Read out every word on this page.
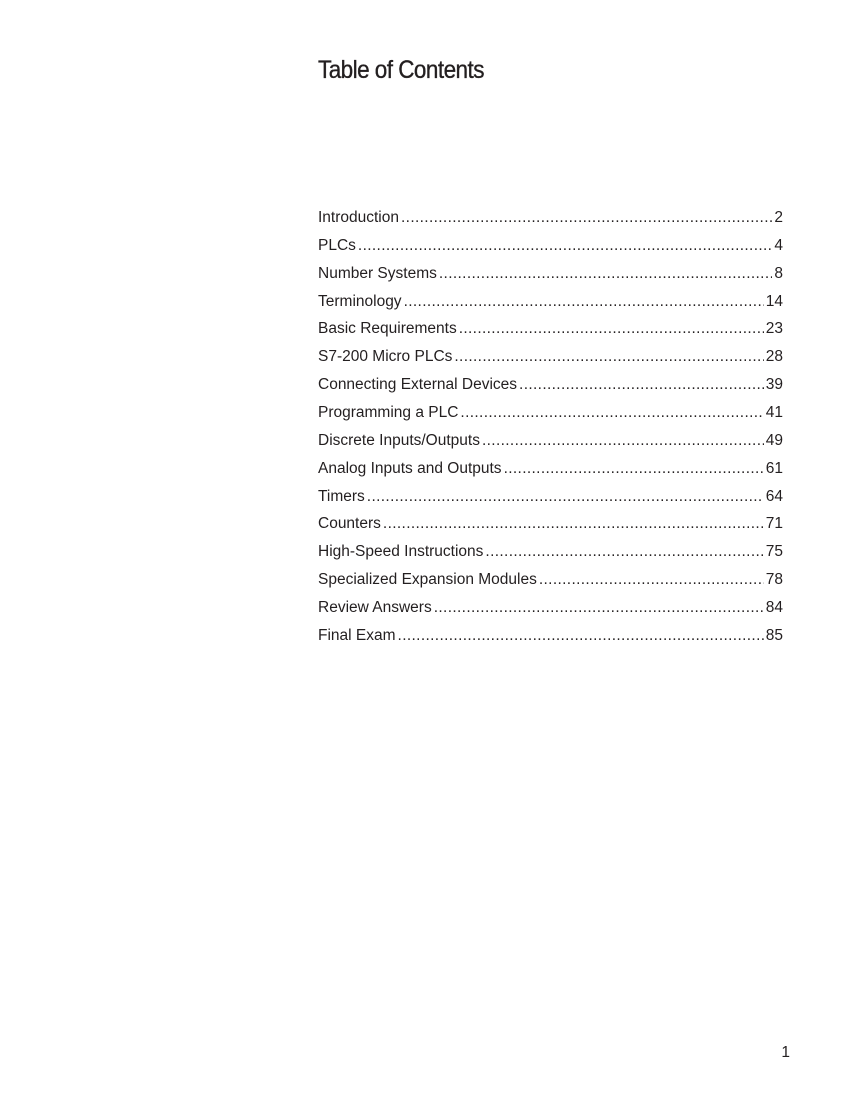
Table of Contents
Introduction .....	2
PLCs .....	4
Number Systems .....	8
Terminology .....	14
Basic Requirements .....	23
S7-200 Micro PLCs .....	28
Connecting External Devices .....	39
Programming a PLC .....	41
Discrete Inputs/Outputs .....	49
Analog Inputs and Outputs .....	61
Timers .....	64
Counters .....	71
High-Speed Instructions .....	75
Specialized Expansion Modules .....	78
Review Answers .....	84
Final Exam .....	85
1
